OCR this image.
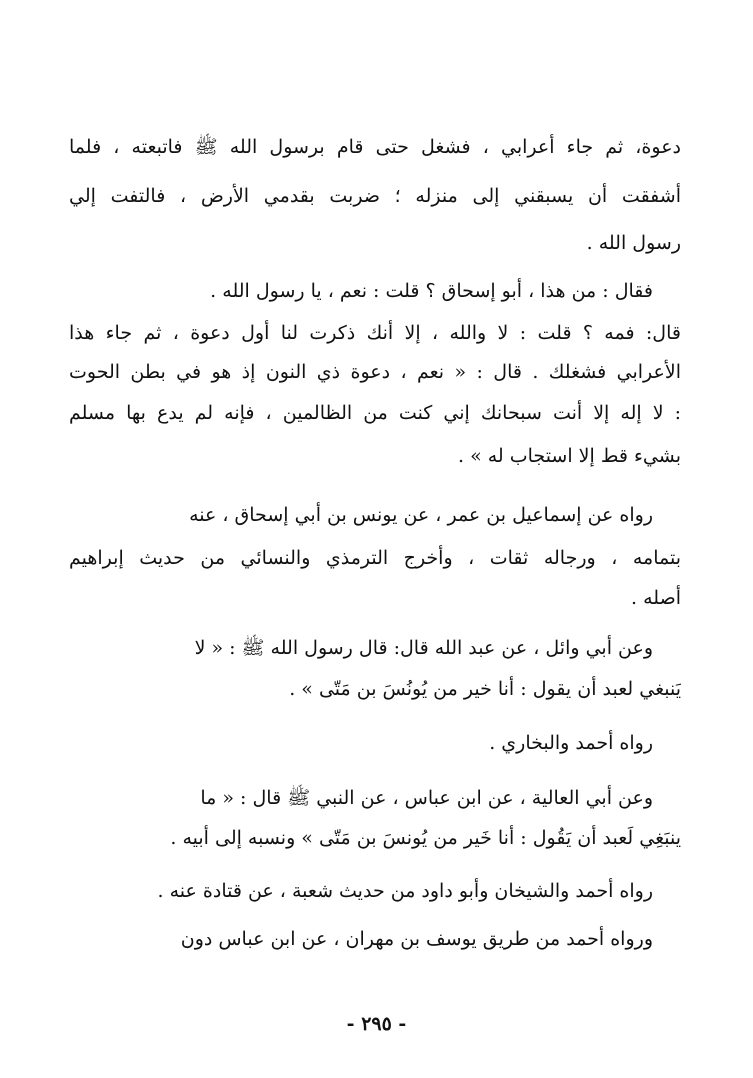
دعوة، ثم جاء أعرابي ، فشغل حتى قام برسول الله ﷺ فاتبعته ، فلما
أشفقت أن يسبقني إلى منزله ؛ ضربت بقدمي الأرض ، فالتفت إلي
رسول الله .
فقال : من هذا ، أبو إسحاق ؟ قلت : نعم ، يا رسول الله .
قال: فمه ؟ قلت : لا والله ، إلا أنك ذكرت لنا أول دعوة ، ثم جاء هذا
الأعرابي فشغلك . قال : « نعم ، دعوة ذي النون إذ هو في بطن الحوت
: لا إله إلا أنت سبحانك إني كنت من الظالمين ، فإنه لم يدع بها مسلم
بشيء قط إلا استجاب له » .
رواه عن إسماعيل بن عمر ، عن يونس بن أبي إسحاق ، عنه
بتمامه ، ورجاله ثقات ، وأخرج الترمذي والنسائي من حديث إبراهيم
أصله .
وعن أبي وائل ، عن عبد الله قال: قال رسول الله ﷺ : « لا
يَنبغي لعبد أن يقول : أنا خير من يُونُسَ بن مَتّى » .
رواه أحمد والبخاري .
وعن أبي العالية ، عن ابن عباس ، عن النبي ﷺ قال : « ما
ينبَغِي لَعبد أن يَقُول : أنا خَير من يُونسَ بن مَتّى » ونسبه إلى أبيه .
رواه أحمد والشيخان وأبو داود من حديث شعبة ، عن قتادة عنه .
ورواه أحمد من طريق يوسف بن مهران ، عن ابن عباس دون
- ٢٩٥ -
